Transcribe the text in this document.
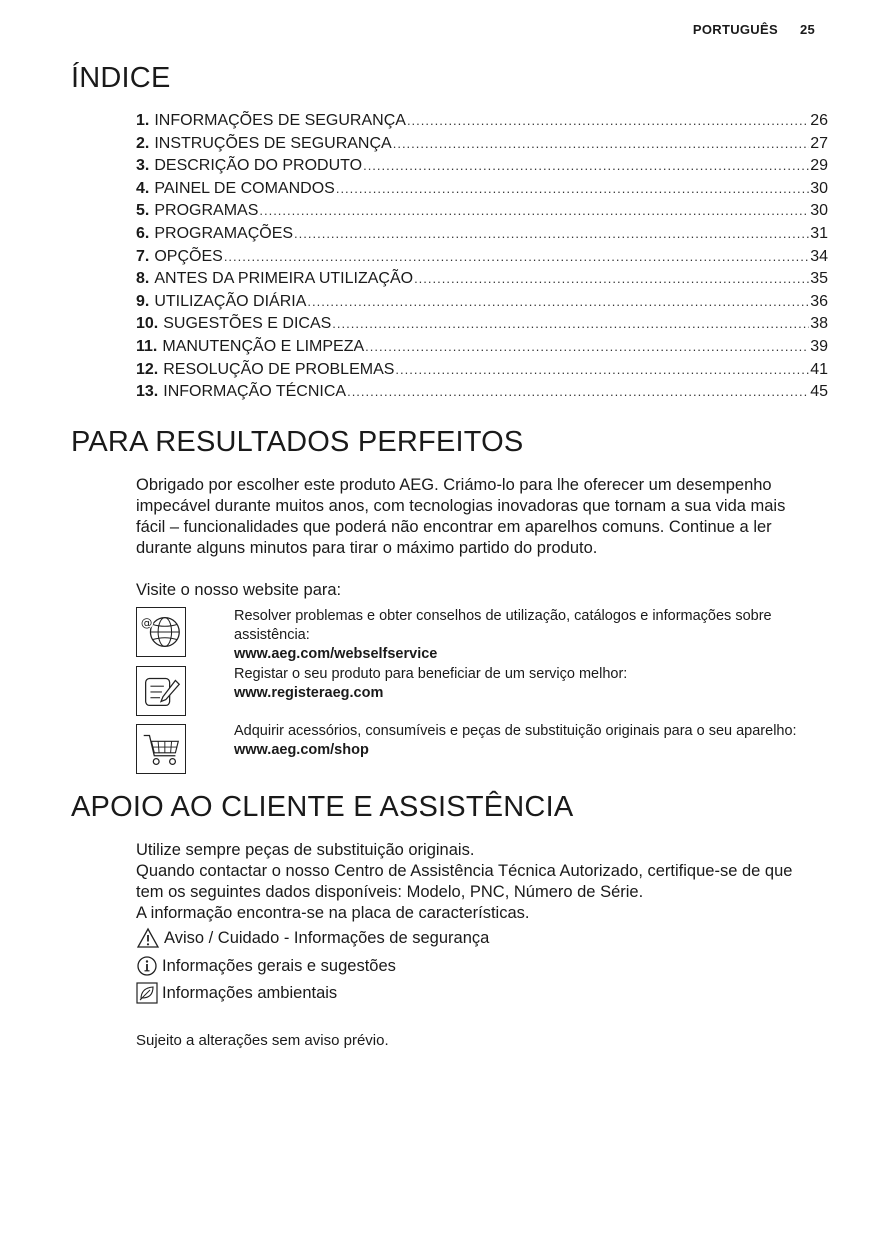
PORTUGUÊS 25
ÍNDICE
1. INFORMAÇÕES DE SEGURANÇA .....	26
2. INSTRUÇÕES DE SEGURANÇA .....	27
3. DESCRIÇÃO DO PRODUTO .....	29
4. PAINEL DE COMANDOS .....	30
5. PROGRAMAS .....	30
6. PROGRAMAÇÕES .....	31
7. OPÇÕES .....	34
8. ANTES DA PRIMEIRA UTILIZAÇÃO .....	35
9. UTILIZAÇÃO DIÁRIA .....	36
10. SUGESTÕES E DICAS .....	38
11. MANUTENÇÃO E LIMPEZA .....	39
12. RESOLUÇÃO DE PROBLEMAS .....	41
13. INFORMAÇÃO TÉCNICA .....	45
PARA RESULTADOS PERFEITOS

Obrigado por escolher este produto AEG. Criámo-lo para lhe oferecer um desempenho impecável durante muitos anos, com tecnologias inovadoras que tornam a sua vida mais fácil – funcionalidades que poderá não encontrar em aparelhos comuns. Continue a ler durante alguns minutos para tirar o máximo partido do produto.

Visite o nosso website para:

@	Resolver problemas e obter conselhos de utilização, catálogos e informações sobre assistência:
www.aeg.com/webselfservice
Registar o seu produto para beneficiar de um serviço melhor:
www.registeraeg.com
Adquirir acessórios, consumíveis e peças de substituição originais para o seu aparelho:
www.aeg.com/shop
APOIO AO CLIENTE E ASSISTÊNCIA

Utilize sempre peças de substituição originais.

Quando contactar o nosso Centro de Assistência Técnica Autorizado, certifique-se de que tem os seguintes dados disponíveis: Modelo, PNC, Número de Série.

A informação encontra-se na placa de características.

Aviso / Cuidado - Informações de segurança
Informações gerais e sugestões
Informações ambientais

Sujeito a alterações sem aviso prévio.
